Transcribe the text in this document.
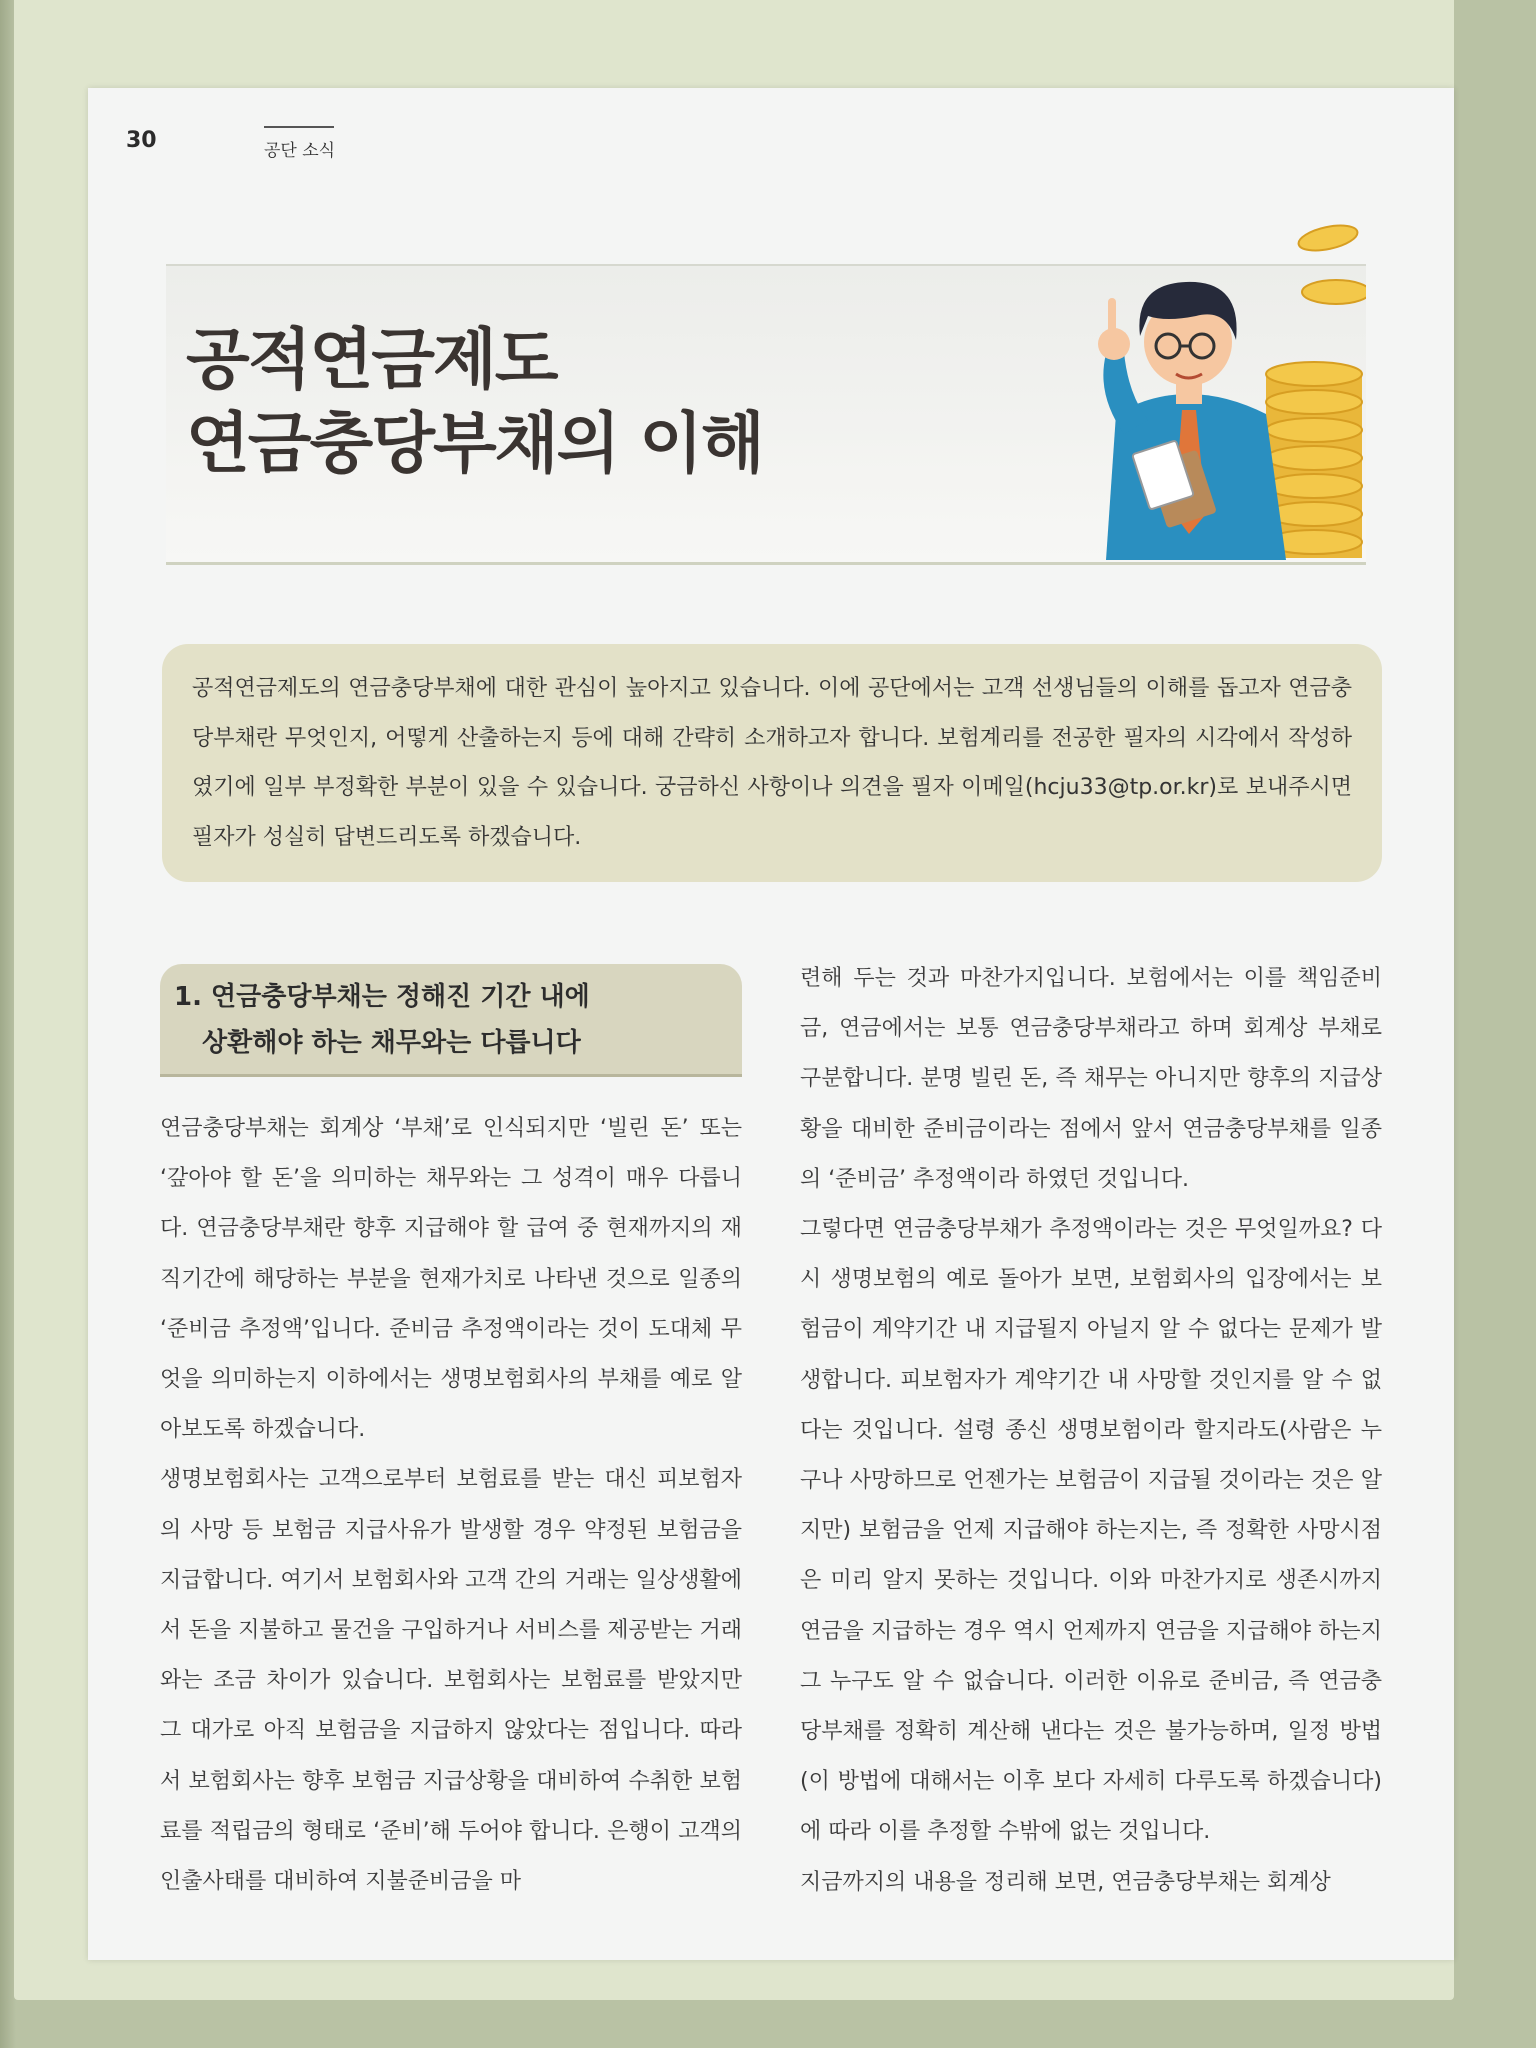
30	공단 소식
공적연금제도
연금충당부채의 이해
공적연금제도의 연금충당부채에 대한 관심이 높아지고 있습니다. 이에 공단에서는 고객 선생님들의 이해를 돕고자 연금충당부채란 무엇인지, 어떻게 산출하는지 등에 대해 간략히 소개하고자 합니다. 보험계리를 전공한 필자의 시각에서 작성하였기에 일부 부정확한 부분이 있을 수 있습니다. 궁금하신 사항이나 의견을 필자 이메일(hcju33@tp.or.kr)로 보내주시면 필자가 성실히 답변드리도록 하겠습니다.
1. 연금충당부채는 정해진 기간 내에
상환해야 하는 채무와는 다릅니다

연금충당부채는 회계상 ‘부채’로 인식되지만 ‘빌린 돈’ 또는 ‘갚아야 할 돈’을 의미하는 채무와는 그 성격이 매우 다릅니다. 연금충당부채란 향후 지급해야 할 급여 중 현재까지의 재직기간에 해당하는 부분을 현재가치로 나타낸 것으로 일종의 ‘준비금 추정액’입니다. 준비금 추정액이라는 것이 도대체 무엇을 의미하는지 이하에서는 생명보험회사의 부채를 예로 알아보도록 하겠습니다.

생명보험회사는 고객으로부터 보험료를 받는 대신 피보험자의 사망 등 보험금 지급사유가 발생할 경우 약정된 보험금을 지급합니다. 여기서 보험회사와 고객 간의 거래는 일상생활에서 돈을 지불하고 물건을 구입하거나 서비스를 제공받는 거래와는 조금 차이가 있습니다. 보험회사는 보험료를 받았지만 그 대가로 아직 보험금을 지급하지 않았다는 점입니다. 따라서 보험회사는 향후 보험금 지급상황을 대비하여 수취한 보험료를 적립금의 형태로 ‘준비’해 두어야 합니다. 은행이 고객의 인출사태를 대비하여 지불준비금을 마

련해 두는 것과 마찬가지입니다. 보험에서는 이를 책임준비금, 연금에서는 보통 연금충당부채라고 하며 회계상 부채로 구분합니다. 분명 빌린 돈, 즉 채무는 아니지만 향후의 지급상황을 대비한 준비금이라는 점에서 앞서 연금충당부채를 일종의 ‘준비금’ 추정액이라 하였던 것입니다.

그렇다면 연금충당부채가 추정액이라는 것은 무엇일까요? 다시 생명보험의 예로 돌아가 보면, 보험회사의 입장에서는 보험금이 계약기간 내 지급될지 아닐지 알 수 없다는 문제가 발생합니다. 피보험자가 계약기간 내 사망할 것인지를 알 수 없다는 것입니다. 설령 종신 생명보험이라 할지라도(사람은 누구나 사망하므로 언젠가는 보험금이 지급될 것이라는 것은 알지만) 보험금을 언제 지급해야 하는지는, 즉 정확한 사망시점은 미리 알지 못하는 것입니다. 이와 마찬가지로 생존시까지 연금을 지급하는 경우 역시 언제까지 연금을 지급해야 하는지 그 누구도 알 수 없습니다. 이러한 이유로 준비금, 즉 연금충당부채를 정확히 계산해 낸다는 것은 불가능하며, 일정 방법(이 방법에 대해서는 이후 보다 자세히 다루도록 하겠습니다)에 따라 이를 추정할 수밖에 없는 것입니다.

지금까지의 내용을 정리해 보면, 연금충당부채는 회계상
